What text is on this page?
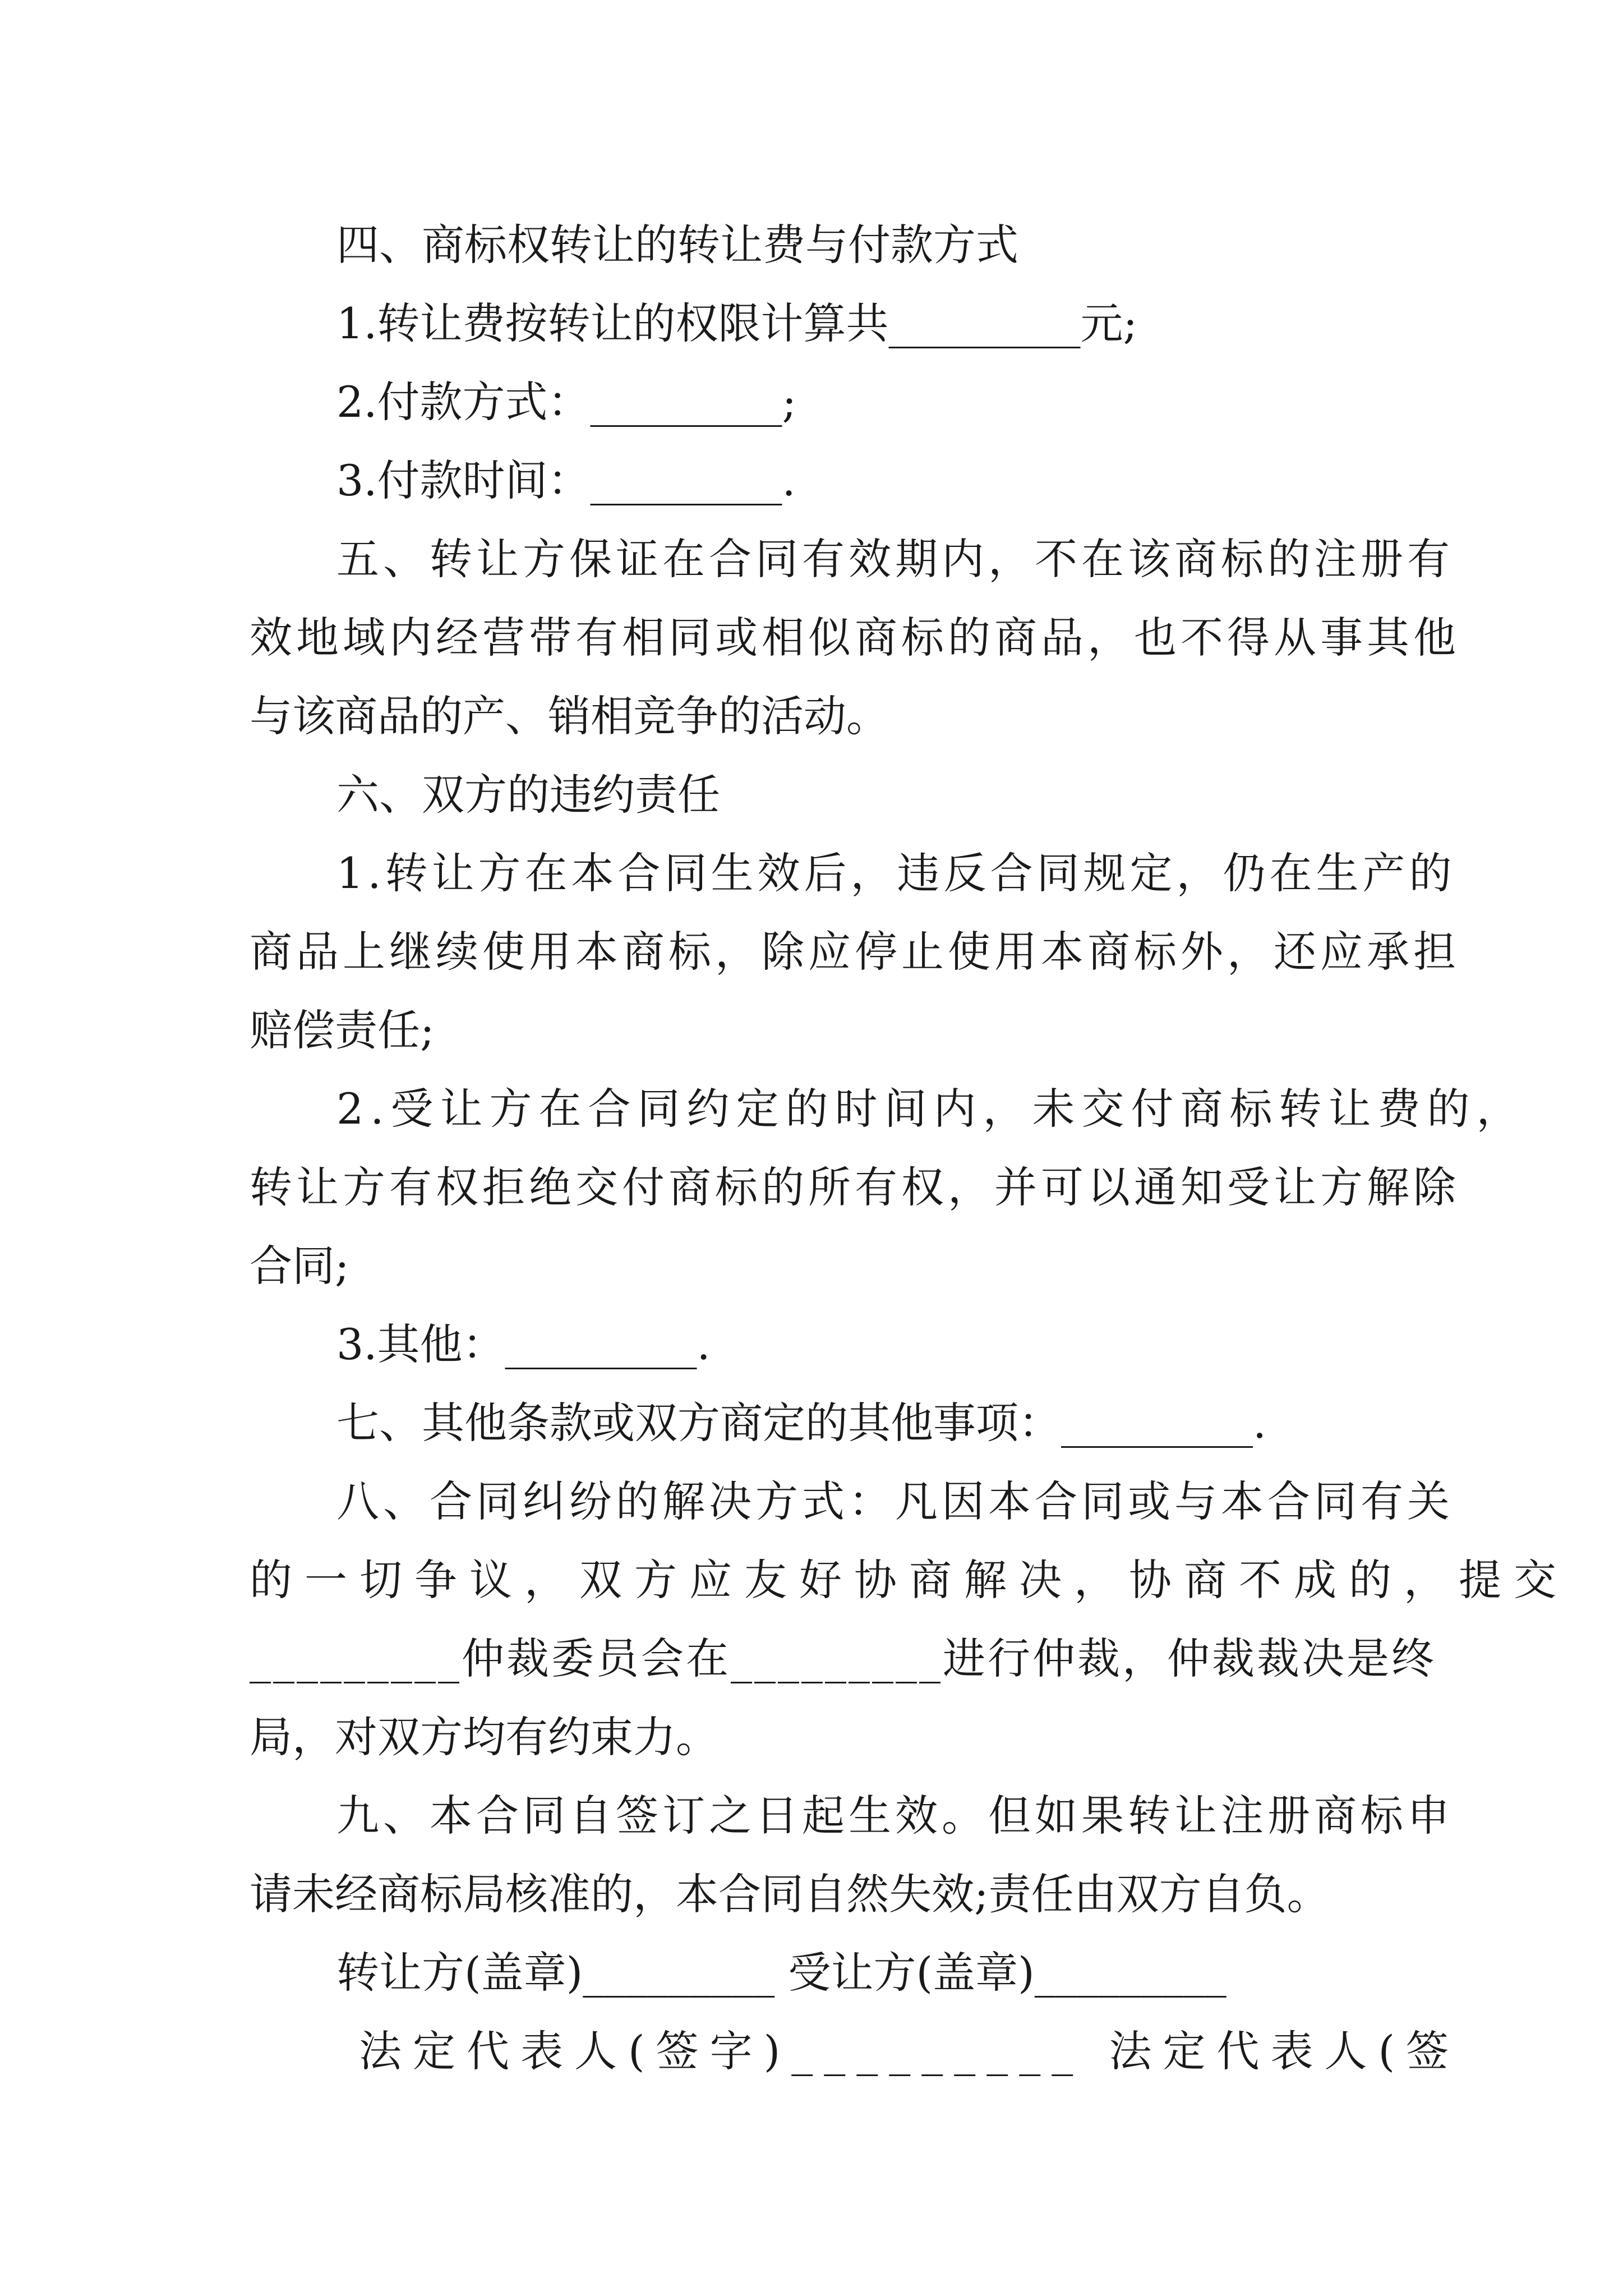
四、商标权转让的转让费与付款方式
1.转让费按转让的权限计算共_________元;
2.付款方式：_________;
3.付款时间：_________.
五、转让方保证在合同有效期内，不在该商标的注册有
效地域内经营带有相同或相似商标的商品，也不得从事其他
与该商品的产、销相竞争的活动。
六、双方的违约责任
1.转让方在本合同生效后，违反合同规定，仍在生产的
商品上继续使用本商标，除应停止使用本商标外，还应承担
赔偿责任;
2.受让方在合同约定的时间内，未交付商标转让费的，
转让方有权拒绝交付商标的所有权，并可以通知受让方解除
合同;
3.其他：_________.
七、其他条款或双方商定的其他事项：_________.
八、合同纠纷的解决方式：凡因本合同或与本合同有关
的一切争议，双方应友好协商解决，协商不成的，提交
_________仲裁委员会在_________进行仲裁，仲裁裁决是终
局，对双方均有约束力。
九、本合同自签订之日起生效。但如果转让注册商标申
请未经商标局核准的，本合同自然失效;责任由双方自负。
转让方(盖章)_________ 受让方(盖章)_________
法定代表人(签字)_________ 法定代表人(签
